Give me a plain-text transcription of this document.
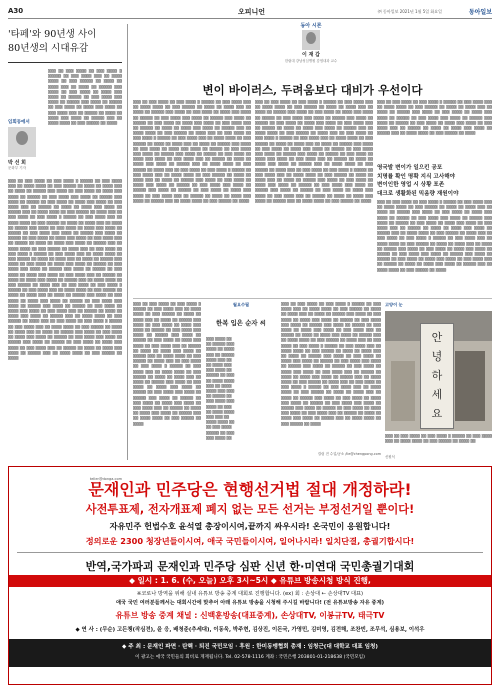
A30	오피니언	㈜ 동아일보 2021년 1월 5일 화요일	동아일보
'타페'와 90년생 사이
80년생의 시대유감
임회동에서
박 선 희
문화부 기자
▒▒▒ ▒▒ ▒▒▒ ▒▒▒▒ ▒▒ ▒▒▒ ▒▒▒▒ ▒ ▒▒▒▒▒ ▒▒ ▒▒▒ ▒▒▒▒ ▒▒▒ ▒▒ ▒▒▒▒ ▒▒▒▒ ▒▒ ▒▒▒ ▒▒▒▒▒ ▒▒ ▒▒▒▒ ▒▒ ▒▒▒▒ ▒▒▒ ▒▒ ▒▒▒▒ ▒▒ ▒▒▒▒▒ ▒▒▒ ▒▒▒▒ ▒▒ ▒▒▒ ▒▒▒▒ ▒▒ ▒▒▒▒ ▒▒▒ ▒▒▒▒ ▒▒ ▒▒▒▒▒ ▒▒ ▒▒▒ ▒▒▒▒ ▒▒▒ ▒▒▒▒ ▒▒ ▒▒▒▒▒ ▒▒▒ ▒▒▒▒ ▒▒ ▒▒▒▒▒ ▒▒ ▒▒▒ ▒▒▒▒ ▒▒ ▒▒▒▒ ▒▒▒ ▒▒▒▒ ▒▒ ▒▒▒ ▒▒▒▒ ▒▒▒ ▒▒ ▒▒▒▒▒ ▒▒ ▒▒▒▒ ▒▒ ▒▒▒▒ ▒▒▒ ▒▒▒▒ ▒▒ ▒▒▒▒▒ ▒▒▒ ▒▒ ▒▒▒▒ ▒▒▒▒ ▒▒ ▒▒▒ ▒▒▒▒▒ ▒▒ ▒▒▒▒
▒▒▒ ▒▒ ▒▒▒ ▒▒▒▒ ▒▒ ▒▒▒ ▒▒▒▒ ▒ ▒▒▒▒▒ ▒▒ ▒▒▒ ▒▒▒▒ ▒▒▒ ▒▒ ▒▒▒▒ ▒▒▒▒ ▒▒ ▒▒▒ ▒▒▒▒▒ ▒▒ ▒▒▒▒ ▒▒ ▒▒▒▒ ▒▒▒ ▒▒ ▒▒▒▒ ▒▒ ▒▒▒▒▒ ▒▒▒ ▒▒▒▒ ▒▒ ▒▒▒ ▒▒▒▒ ▒▒ ▒▒▒▒ ▒▒▒ ▒▒▒▒ ▒▒ ▒▒▒▒▒ ▒▒ ▒▒▒ ▒▒▒▒ ▒▒▒ ▒▒▒▒ ▒▒ ▒▒▒▒▒ ▒▒▒ ▒▒▒▒ ▒▒ ▒▒▒▒▒ ▒▒ ▒▒▒ ▒▒▒▒ ▒▒ ▒▒▒▒ ▒▒▒ ▒▒▒▒ ▒▒ ▒▒▒ ▒▒▒▒ ▒▒▒ ▒▒ ▒▒▒▒▒ ▒▒ ▒▒▒▒ ▒▒ ▒▒▒▒ ▒▒▒ ▒▒▒▒ ▒▒ ▒▒▒▒▒ ▒▒▒ ▒▒ ▒▒▒▒ ▒▒▒▒ ▒▒ ▒▒▒ ▒▒▒▒▒ ▒▒ ▒▒▒▒ ▒▒▒ ▒▒ ▒▒▒ ▒▒▒▒ ▒▒ ▒▒▒ ▒▒▒▒ ▒ ▒▒▒▒▒ ▒▒ ▒▒▒ ▒▒▒▒ ▒▒▒ ▒▒ ▒▒▒▒ ▒▒▒▒ ▒▒ ▒▒▒ ▒▒▒▒▒ ▒▒ ▒▒▒▒ ▒▒ ▒▒▒▒ ▒▒▒ ▒▒ ▒▒▒▒ ▒▒ ▒▒▒▒▒ ▒▒▒ ▒▒▒▒ ▒▒ ▒▒▒ ▒▒▒▒ ▒▒ ▒▒▒▒ ▒▒▒ ▒▒▒▒ ▒▒ ▒▒▒▒▒ ▒▒ ▒▒▒ ▒▒▒▒ ▒▒▒ ▒▒▒▒ ▒▒ ▒▒▒▒▒ ▒▒▒ ▒▒▒▒ ▒▒ ▒▒▒▒▒ ▒▒ ▒▒▒ ▒▒▒▒ ▒▒ ▒▒▒▒ ▒▒▒ ▒▒▒▒ ▒▒ ▒▒▒ ▒▒▒▒ ▒▒▒ ▒▒ ▒▒▒▒▒ ▒▒ ▒▒▒▒ ▒▒ ▒▒▒▒ ▒▒▒ ▒▒▒▒ ▒▒ ▒▒▒▒▒ ▒▒▒ ▒▒ ▒▒▒▒ ▒▒▒▒ ▒▒ ▒▒▒ ▒▒▒▒▒ ▒▒ ▒▒▒▒ ▒▒▒ ▒▒ ▒▒▒ ▒▒▒▒ ▒▒ ▒▒▒ ▒▒▒▒ ▒ ▒▒▒▒▒ ▒▒ ▒▒▒ ▒▒▒▒ ▒▒▒ ▒▒ ▒▒▒▒ ▒▒▒▒ ▒▒ ▒▒▒ ▒▒▒▒▒ ▒▒ ▒▒▒▒ ▒▒ ▒▒▒▒ ▒▒▒ ▒▒ ▒▒▒▒ ▒▒ ▒▒▒▒▒ ▒▒▒ ▒▒▒▒ ▒▒ ▒▒▒ ▒▒▒▒ ▒▒ ▒▒▒▒ ▒▒▒ ▒▒▒▒ ▒▒ ▒▒▒▒▒ ▒▒ ▒▒▒ ▒▒▒▒ ▒▒▒ ▒▒▒▒ ▒▒ ▒▒▒▒▒ ▒▒▒ ▒▒▒▒ ▒▒ ▒▒▒▒▒ ▒▒ ▒▒▒ ▒▒▒▒ ▒▒ ▒▒▒▒ ▒▒▒ ▒▒▒▒ ▒▒ ▒▒▒ ▒▒▒▒ ▒▒▒ ▒▒ ▒▒▒▒▒ ▒▒ ▒▒▒▒ ▒▒ ▒▒▒▒ ▒▒▒ ▒▒▒▒ ▒▒ ▒▒▒▒▒ ▒▒▒ ▒▒ ▒▒▒▒ ▒▒▒▒ ▒▒ ▒▒▒ ▒▒▒▒▒ ▒▒ ▒▒▒▒ ▒▒▒ ▒▒ ▒▒▒ ▒▒▒▒ ▒▒ ▒▒▒ ▒▒▒▒ ▒ ▒▒▒▒▒ ▒▒ ▒▒▒ ▒▒▒▒ ▒▒▒ ▒▒ ▒▒▒▒ ▒▒▒▒ ▒▒ ▒▒▒ ▒▒▒▒▒ ▒▒ ▒▒▒▒ ▒▒ ▒▒▒▒ ▒▒▒ ▒▒ ▒▒▒▒ ▒▒ ▒▒▒▒▒ ▒▒▒ ▒▒▒▒ ▒▒ ▒▒▒ ▒▒▒▒ ▒▒ ▒▒▒▒ ▒▒▒ ▒▒▒▒ ▒▒ ▒▒▒▒▒ ▒▒ ▒▒▒ ▒▒▒▒ ▒▒▒ ▒▒▒▒ ▒▒ ▒▒▒▒▒ ▒▒▒ ▒▒▒▒ ▒▒ ▒▒▒▒▒ ▒▒ ▒▒▒ ▒▒▒▒ ▒▒ ▒▒▒▒ ▒▒▒ ▒▒▒▒ ▒▒ ▒▒▒ ▒▒▒▒ ▒▒▒ ▒▒ ▒▒▒▒▒ ▒▒ ▒▒▒▒ ▒▒ ▒▒▒▒ ▒▒▒ ▒▒▒▒ ▒▒ ▒▒▒▒▒ ▒▒▒ ▒▒ ▒▒▒▒ ▒▒▒▒ ▒▒ ▒▒▒ ▒▒▒▒▒ ▒▒ ▒▒▒▒ ▒▒▒ ▒▒ ▒▒▒ ▒▒▒▒ ▒▒ ▒▒▒ ▒▒▒▒ ▒ ▒▒▒▒▒ ▒▒ ▒▒▒ ▒▒▒▒ ▒▒▒ ▒▒ ▒▒▒▒ ▒▒▒▒ ▒▒ ▒▒▒ ▒▒▒▒▒ ▒▒ ▒▒▒▒ ▒▒ ▒▒▒▒ ▒▒▒ ▒▒ ▒▒▒▒ ▒▒ ▒▒▒▒▒ ▒▒▒ ▒▒▒▒ ▒▒ ▒▒▒ ▒▒▒▒ ▒▒ ▒▒▒▒ ▒▒▒ ▒▒▒▒ ▒▒ ▒▒▒▒▒ ▒▒ ▒▒▒ ▒▒▒▒ ▒▒▒ ▒▒▒▒ ▒▒ ▒▒▒▒▒ ▒▒▒ ▒▒▒▒ ▒▒ ▒▒▒▒▒ ▒▒ ▒▒▒ ▒▒▒▒ ▒▒ ▒▒▒▒ ▒▒▒ ▒▒▒▒ ▒▒ ▒▒▒ ▒▒▒▒ ▒▒▒ ▒▒ ▒▒▒▒▒ ▒▒ ▒▒▒▒ ▒▒ ▒▒▒▒ ▒▒▒ ▒▒▒▒ ▒▒ ▒▒▒▒▒ ▒▒▒ ▒▒ ▒▒▒▒ ▒▒▒▒ ▒▒ ▒▒▒ ▒▒▒▒▒ ▒▒ ▒▒▒▒
teller@donga.com
동아 시론
이 재 갑
한림대 강남성심병원 감염내과 교수
변이 바이러스, 두려움보다 대비가 우선이다
▒▒▒ ▒▒ ▒▒▒ ▒▒▒▒ ▒▒ ▒▒▒ ▒▒▒▒ ▒ ▒▒▒▒▒ ▒▒ ▒▒▒ ▒▒▒▒ ▒▒▒ ▒▒ ▒▒▒▒ ▒▒▒▒ ▒▒ ▒▒▒ ▒▒▒▒▒ ▒▒ ▒▒▒▒ ▒▒ ▒▒▒▒ ▒▒▒ ▒▒ ▒▒▒▒ ▒▒ ▒▒▒▒▒ ▒▒▒ ▒▒▒▒ ▒▒ ▒▒▒ ▒▒▒▒ ▒▒ ▒▒▒▒ ▒▒▒ ▒▒▒▒ ▒▒ ▒▒▒▒▒ ▒▒ ▒▒▒ ▒▒▒▒ ▒▒▒ ▒▒▒▒ ▒▒ ▒▒▒▒▒ ▒▒▒ ▒▒▒▒ ▒▒ ▒▒▒▒▒ ▒▒ ▒▒▒ ▒▒▒▒ ▒▒ ▒▒▒▒ ▒▒▒ ▒▒▒▒ ▒▒ ▒▒▒ ▒▒▒▒ ▒▒▒ ▒▒ ▒▒▒▒▒ ▒▒ ▒▒▒▒ ▒▒ ▒▒▒▒ ▒▒▒ ▒▒▒▒ ▒▒ ▒▒▒▒▒ ▒▒▒ ▒▒ ▒▒▒▒ ▒▒▒▒ ▒▒ ▒▒▒ ▒▒▒▒▒ ▒▒ ▒▒▒▒ ▒▒▒ ▒▒ ▒▒▒ ▒▒▒▒ ▒▒ ▒▒▒ ▒▒▒▒ ▒ ▒▒▒▒▒ ▒▒ ▒▒▒ ▒▒▒▒ ▒▒▒ ▒▒ ▒▒▒▒ ▒▒▒▒ ▒▒ ▒▒▒ ▒▒▒▒▒ ▒▒ ▒▒▒▒ ▒▒ ▒▒▒▒ ▒▒▒ ▒▒ ▒▒▒▒ ▒▒ ▒▒▒▒▒ ▒▒▒ ▒▒▒▒ ▒▒ ▒▒▒ ▒▒▒▒ ▒▒ ▒▒▒▒ ▒▒▒ ▒▒▒▒ ▒▒ ▒▒▒▒▒ ▒▒ ▒▒▒ ▒▒▒▒ ▒▒▒ ▒▒▒▒ ▒▒ ▒▒▒▒▒ ▒▒▒ ▒▒▒▒ ▒▒ ▒▒▒▒▒ ▒▒ ▒▒▒ ▒▒▒▒ ▒▒ ▒▒▒▒ ▒▒▒ ▒▒▒▒ ▒▒ ▒▒▒ ▒▒▒▒ ▒▒▒ ▒▒ ▒▒▒▒▒ ▒▒ ▒▒▒▒ ▒▒ ▒▒▒▒ ▒▒▒ ▒▒▒▒ ▒▒ ▒▒▒▒▒ ▒▒▒ ▒▒ ▒▒▒▒ ▒▒▒▒ ▒▒ ▒▒▒ ▒▒▒▒▒ ▒▒ ▒▒▒▒ ▒▒▒ ▒▒ ▒▒▒ ▒▒▒▒ ▒▒ ▒▒▒ ▒▒▒▒ ▒ ▒▒▒▒▒ ▒▒ ▒▒▒ ▒▒▒▒ ▒▒▒ ▒▒ ▒▒▒▒ ▒▒▒▒ ▒▒ ▒▒▒ ▒▒▒▒▒ ▒▒ ▒▒▒▒ ▒▒ ▒▒▒▒ ▒▒▒ ▒▒ ▒▒▒▒ ▒▒ ▒▒▒▒▒ ▒▒▒ ▒▒▒▒ ▒▒ ▒▒▒ ▒▒▒▒ ▒▒ ▒▒▒▒ ▒▒▒ ▒▒▒▒ ▒▒ ▒▒▒▒▒ ▒▒ ▒▒▒ ▒▒▒▒ ▒▒▒ ▒▒▒▒ ▒▒ ▒▒▒▒▒ ▒▒▒ ▒▒▒▒ ▒▒ ▒▒▒▒▒ ▒▒ ▒▒▒ ▒▒▒▒ ▒▒ ▒▒▒▒ ▒▒▒ ▒▒▒▒ ▒▒ ▒▒▒ ▒▒▒▒ ▒▒▒ ▒▒ ▒▒▒▒▒ ▒▒ ▒▒▒▒ ▒▒ ▒▒▒▒ ▒▒▒ ▒▒▒▒ ▒▒ ▒▒▒▒▒ ▒▒▒ ▒▒ ▒▒▒▒ ▒▒▒▒ ▒▒ ▒▒▒ ▒▒▒▒▒ ▒▒ ▒▒▒▒
▒▒▒ ▒▒ ▒▒▒ ▒▒▒▒ ▒▒ ▒▒▒ ▒▒▒▒ ▒ ▒▒▒▒▒ ▒▒ ▒▒▒ ▒▒▒▒ ▒▒▒ ▒▒ ▒▒▒▒ ▒▒▒▒ ▒▒ ▒▒▒ ▒▒▒▒▒ ▒▒ ▒▒▒▒ ▒▒ ▒▒▒▒ ▒▒▒ ▒▒ ▒▒▒▒ ▒▒ ▒▒▒▒▒ ▒▒▒ ▒▒▒▒ ▒▒ ▒▒▒ ▒▒▒▒ ▒▒ ▒▒▒▒ ▒▒▒ ▒▒▒▒ ▒▒ ▒▒▒▒▒ ▒▒ ▒▒▒ ▒▒▒▒ ▒▒▒ ▒▒▒▒ ▒▒ ▒▒▒▒▒ ▒▒▒ ▒▒▒▒ ▒▒ ▒▒▒▒▒ ▒▒ ▒▒▒ ▒▒▒▒ ▒▒ ▒▒▒▒ ▒▒▒ ▒▒▒▒ ▒▒ ▒▒▒ ▒▒▒▒ ▒▒▒ ▒▒ ▒▒▒▒▒ ▒▒ ▒▒▒▒ ▒▒ ▒▒▒▒ ▒▒▒ ▒▒▒▒ ▒▒ ▒▒▒▒▒ ▒▒▒ ▒▒ ▒▒▒▒ ▒▒▒▒ ▒▒ ▒▒▒ ▒▒▒▒▒ ▒▒ ▒▒▒▒ ▒▒▒ ▒▒ ▒▒▒ ▒▒▒▒ ▒▒ ▒▒▒ ▒▒▒▒ ▒ ▒▒▒▒▒ ▒▒ ▒▒▒ ▒▒▒▒ ▒▒▒ ▒▒ ▒▒▒▒ ▒▒▒▒ ▒▒ ▒▒▒ ▒▒▒▒▒ ▒▒ ▒▒▒▒ ▒▒ ▒▒▒▒ ▒▒▒ ▒▒ ▒▒▒▒ ▒▒ ▒▒▒▒▒ ▒▒▒ ▒▒▒▒ ▒▒ ▒▒▒ ▒▒▒▒ ▒▒ ▒▒▒▒ ▒▒▒ ▒▒▒▒ ▒▒ ▒▒▒▒▒ ▒▒ ▒▒▒ ▒▒▒▒ ▒▒▒ ▒▒▒▒ ▒▒ ▒▒▒▒▒ ▒▒▒ ▒▒▒▒ ▒▒ ▒▒▒▒▒ ▒▒ ▒▒▒ ▒▒▒▒ ▒▒ ▒▒▒▒ ▒▒▒ ▒▒▒▒ ▒▒ ▒▒▒ ▒▒▒▒ ▒▒▒ ▒▒ ▒▒▒▒▒ ▒▒ ▒▒▒▒ ▒▒ ▒▒▒▒ ▒▒▒ ▒▒▒▒ ▒▒ ▒▒▒▒▒ ▒▒▒ ▒▒ ▒▒▒▒ ▒▒▒▒ ▒▒ ▒▒▒ ▒▒▒▒▒ ▒▒ ▒▒▒▒ ▒▒▒ ▒▒ ▒▒▒ ▒▒▒▒ ▒▒ ▒▒▒ ▒▒▒▒ ▒ ▒▒▒▒▒ ▒▒ ▒▒▒ ▒▒▒▒ ▒▒▒ ▒▒ ▒▒▒▒ ▒▒▒▒ ▒▒ ▒▒▒ ▒▒▒▒▒ ▒▒ ▒▒▒▒ ▒▒ ▒▒▒▒ ▒▒▒ ▒▒ ▒▒▒▒ ▒▒ ▒▒▒▒▒ ▒▒▒ ▒▒▒▒ ▒▒ ▒▒▒ ▒▒▒▒ ▒▒ ▒▒▒▒ ▒▒▒ ▒▒▒▒ ▒▒ ▒▒▒▒▒ ▒▒ ▒▒▒ ▒▒▒▒ ▒▒▒ ▒▒▒▒ ▒▒ ▒▒▒▒▒ ▒▒▒ ▒▒▒▒ ▒▒ ▒▒▒▒▒ ▒▒ ▒▒▒ ▒▒▒▒ ▒▒ ▒▒▒▒ ▒▒▒ ▒▒▒▒ ▒▒ ▒▒▒ ▒▒▒▒ ▒▒▒ ▒▒ ▒▒▒▒▒ ▒▒ ▒▒▒▒ ▒▒ ▒▒▒▒ ▒▒▒ ▒▒▒▒ ▒▒ ▒▒▒▒▒ ▒▒▒ ▒▒ ▒▒▒▒ ▒▒▒▒ ▒▒ ▒▒▒ ▒▒▒▒▒ ▒▒ ▒▒▒▒
▒▒▒ ▒▒ ▒▒▒ ▒▒▒▒ ▒▒ ▒▒▒ ▒▒▒▒ ▒ ▒▒▒▒▒ ▒▒ ▒▒▒ ▒▒▒▒ ▒▒▒ ▒▒ ▒▒▒▒ ▒▒▒▒ ▒▒ ▒▒▒ ▒▒▒▒▒ ▒▒ ▒▒▒▒ ▒▒ ▒▒▒▒ ▒▒▒ ▒▒ ▒▒▒▒ ▒▒ ▒▒▒▒▒ ▒▒▒ ▒▒▒▒ ▒▒ ▒▒▒ ▒▒▒▒ ▒▒ ▒▒▒▒ ▒▒▒ ▒▒▒▒ ▒▒ ▒▒▒▒▒ ▒▒ ▒▒▒ ▒▒▒▒ ▒▒▒ ▒▒▒▒ ▒▒ ▒▒▒▒▒ ▒▒▒ ▒▒▒▒ ▒▒ ▒▒▒▒▒ ▒▒ ▒▒▒ ▒▒▒▒ ▒▒ ▒▒▒▒ ▒▒▒ ▒▒▒▒ ▒▒ ▒▒▒ ▒▒▒▒ ▒▒▒ ▒▒ ▒▒▒▒▒ ▒▒ ▒▒▒▒ ▒▒ ▒▒▒▒ ▒▒▒ ▒▒▒▒ ▒▒ ▒▒▒▒▒ ▒▒▒ ▒▒ ▒▒▒▒ ▒▒▒▒ ▒▒ ▒▒▒ ▒▒▒▒▒ ▒▒ ▒▒▒▒
영국발 변이가 일으킨 공포
치명률 확인 명확 지식 고사해야
변이인한 영업 시 상황 포존
대크로 생활화된 믹옴량 재원이야
▒▒▒ ▒▒ ▒▒▒ ▒▒▒▒ ▒▒ ▒▒▒ ▒▒▒▒ ▒ ▒▒▒▒▒ ▒▒ ▒▒▒ ▒▒▒▒ ▒▒▒ ▒▒ ▒▒▒▒ ▒▒▒▒ ▒▒ ▒▒▒ ▒▒▒▒▒ ▒▒ ▒▒▒▒ ▒▒ ▒▒▒▒ ▒▒▒ ▒▒ ▒▒▒▒ ▒▒ ▒▒▒▒▒ ▒▒▒ ▒▒▒▒ ▒▒ ▒▒▒ ▒▒▒▒ ▒▒ ▒▒▒▒ ▒▒▒ ▒▒▒▒ ▒▒ ▒▒▒▒▒ ▒▒ ▒▒▒ ▒▒▒▒ ▒▒▒ ▒▒▒▒ ▒▒ ▒▒▒▒▒ ▒▒▒ ▒▒▒▒ ▒▒ ▒▒▒▒▒ ▒▒ ▒▒▒ ▒▒▒▒ ▒▒ ▒▒▒▒ ▒▒▒ ▒▒▒▒ ▒▒ ▒▒▒ ▒▒▒▒ ▒▒▒ ▒▒ ▒▒▒▒▒ ▒▒ ▒▒▒▒ ▒▒ ▒▒▒▒ ▒▒▒ ▒▒▒▒ ▒▒ ▒▒▒▒▒ ▒▒▒ ▒▒ ▒▒▒▒ ▒▒▒▒ ▒▒ ▒▒▒ ▒▒▒▒▒ ▒▒ ▒▒▒▒ ▒▒▒ ▒▒ ▒▒▒ ▒▒▒▒ ▒▒ ▒▒▒ ▒▒▒▒ ▒ ▒▒▒▒▒ ▒▒ ▒▒▒ ▒▒▒▒ ▒▒▒ ▒▒ ▒▒▒▒ ▒▒▒▒ ▒▒ ▒▒▒ ▒▒▒▒▒ ▒▒ ▒▒▒▒ ▒▒ ▒▒▒▒ ▒▒▒ ▒▒ ▒▒▒▒ ▒▒ ▒▒▒▒▒ ▒▒▒ ▒▒▒▒ ▒▒ ▒▒▒ ▒▒▒▒ ▒▒ ▒▒▒▒ ▒▒▒ ▒▒▒▒ ▒▒ ▒▒▒▒▒ ▒▒ ▒▒▒ ▒▒▒▒ ▒▒▒ ▒▒▒▒ ▒▒ ▒▒▒▒▒ ▒▒▒ ▒▒▒▒ ▒▒ ▒▒▒▒▒ ▒▒ ▒▒▒ ▒▒▒▒ ▒▒ ▒▒▒▒ ▒▒▒ ▒▒▒▒ ▒▒ ▒▒▒ ▒▒▒▒ ▒▒▒ ▒▒ ▒▒▒▒▒ ▒▒ ▒▒▒▒ ▒▒ ▒▒▒▒ ▒▒▒ ▒▒▒▒ ▒▒ ▒▒▒▒▒ ▒▒▒ ▒▒ ▒▒▒▒ ▒▒▒▒ ▒▒ ▒▒▒ ▒▒▒▒▒ ▒▒ ▒▒▒▒
▒▒▒ ▒▒ ▒▒▒ ▒▒▒▒ ▒▒ ▒▒▒ ▒▒▒▒ ▒ ▒▒▒▒▒ ▒▒ ▒▒▒ ▒▒▒▒ ▒▒▒ ▒▒ ▒▒▒▒ ▒▒▒▒ ▒▒ ▒▒▒ ▒▒▒▒▒ ▒▒ ▒▒▒▒ ▒▒ ▒▒▒▒ ▒▒▒ ▒▒ ▒▒▒▒ ▒▒ ▒▒▒▒▒ ▒▒▒ ▒▒▒▒ ▒▒ ▒▒▒ ▒▒▒▒ ▒▒ ▒▒▒▒ ▒▒▒ ▒▒▒▒ ▒▒ ▒▒▒▒▒ ▒▒ ▒▒▒ ▒▒▒▒ ▒▒▒ ▒▒▒▒ ▒▒ ▒▒▒▒▒ ▒▒▒ ▒▒▒▒ ▒▒ ▒▒▒▒▒ ▒▒ ▒▒▒ ▒▒▒▒ ▒▒ ▒▒▒▒ ▒▒▒ ▒▒▒▒ ▒▒ ▒▒▒ ▒▒▒▒ ▒▒▒ ▒▒ ▒▒▒▒▒ ▒▒ ▒▒▒▒ ▒▒ ▒▒▒▒ ▒▒▒ ▒▒▒▒ ▒▒ ▒▒▒▒▒ ▒▒▒ ▒▒ ▒▒▒▒ ▒▒▒▒ ▒▒ ▒▒▒ ▒▒▒▒▒ ▒▒ ▒▒▒▒ ▒▒▒ ▒▒ ▒▒▒ ▒▒▒▒ ▒▒ ▒▒▒ ▒▒▒▒ ▒ ▒▒▒▒▒ ▒▒ ▒▒▒ ▒▒▒▒ ▒▒▒ ▒▒ ▒▒▒▒ ▒▒▒▒ ▒▒ ▒▒▒ ▒▒▒▒▒ ▒▒ ▒▒▒▒ ▒▒ ▒▒▒▒ ▒▒▒ ▒▒ ▒▒▒▒ ▒▒ ▒▒▒▒▒ ▒▒▒ ▒▒▒▒ ▒▒ ▒▒▒ ▒▒▒▒ ▒▒ ▒▒▒▒ ▒▒▒ ▒▒▒▒ ▒▒ ▒▒▒▒▒ ▒▒ ▒▒▒ ▒▒▒▒ ▒▒▒ ▒▒▒▒ ▒▒ ▒▒▒▒▒ ▒▒▒ ▒▒▒▒ ▒▒ ▒▒▒▒▒ ▒▒ ▒▒▒ ▒▒▒▒ ▒▒ ▒▒▒▒ ▒▒▒ ▒▒▒▒ ▒▒ ▒▒▒ ▒▒▒▒ ▒▒▒ ▒▒ ▒▒▒▒▒ ▒▒ ▒▒▒▒ ▒▒ ▒▒▒▒ ▒▒▒ ▒▒▒▒ ▒▒ ▒▒▒▒▒ ▒▒▒ ▒▒ ▒▒▒▒ ▒▒▒▒ ▒▒ ▒▒▒ ▒▒▒▒▒ ▒▒ ▒▒▒▒
월요수필
한복 입은 순자 씨
▒▒▒ ▒▒▒▒ ▒▒
▒▒ ▒▒▒▒▒ ▒▒▒
▒▒▒▒ ▒▒ ▒▒▒▒
▒▒▒ ▒▒ ▒▒▒▒▒
▒▒▒▒ ▒▒▒ ▒▒
▒▒ ▒▒▒▒ ▒▒▒
▒▒▒ ▒▒▒▒ ▒▒
▒▒▒▒▒ ▒▒ ▒▒▒
▒▒ ▒▒▒▒ ▒▒▒▒
▒▒▒ ▒▒ ▒▒▒▒
▒▒▒▒ ▒▒▒ ▒▒▒
▒▒ ▒▒▒▒▒ ▒▒
▒▒▒ ▒▒▒▒ ▒▒▒
▒▒▒▒ ▒▒ ▒▒▒
▒▒ ▒▒▒▒ ▒▒▒▒
▒▒▒ ▒▒▒ ▒▒
▒▒▒▒ ▒▒▒▒ ▒▒
▒▒ ▒▒▒ ▒▒▒▒
▒▒▒▒▒ ▒▒ ▒▒▒
▒▒▒ ▒▒▒▒ ▒▒
▒▒▒ ▒▒ ▒▒▒ ▒▒▒▒ ▒▒ ▒▒▒ ▒▒▒▒ ▒ ▒▒▒▒▒ ▒▒ ▒▒▒ ▒▒▒▒ ▒▒▒ ▒▒ ▒▒▒▒ ▒▒▒▒ ▒▒ ▒▒▒ ▒▒▒▒▒ ▒▒ ▒▒▒▒ ▒▒ ▒▒▒▒ ▒▒▒ ▒▒ ▒▒▒▒ ▒▒ ▒▒▒▒▒ ▒▒▒ ▒▒▒▒ ▒▒ ▒▒▒ ▒▒▒▒ ▒▒ ▒▒▒▒ ▒▒▒ ▒▒▒▒ ▒▒ ▒▒▒▒▒ ▒▒ ▒▒▒ ▒▒▒▒ ▒▒▒ ▒▒▒▒ ▒▒ ▒▒▒▒▒ ▒▒▒ ▒▒▒▒ ▒▒ ▒▒▒▒▒ ▒▒ ▒▒▒ ▒▒▒▒ ▒▒ ▒▒▒▒ ▒▒▒ ▒▒▒▒ ▒▒ ▒▒▒ ▒▒▒▒ ▒▒▒ ▒▒ ▒▒▒▒▒ ▒▒ ▒▒▒▒ ▒▒ ▒▒▒▒ ▒▒▒ ▒▒▒▒ ▒▒ ▒▒▒▒▒ ▒▒▒ ▒▒ ▒▒▒▒ ▒▒▒▒ ▒▒ ▒▒▒ ▒▒▒▒▒ ▒▒ ▒▒▒▒ ▒▒▒ ▒▒ ▒▒▒ ▒▒▒▒ ▒▒ ▒▒▒ ▒▒▒▒ ▒ ▒▒▒▒▒ ▒▒ ▒▒▒ ▒▒▒▒ ▒▒▒ ▒▒ ▒▒▒▒ ▒▒▒▒ ▒▒ ▒▒▒ ▒▒▒▒▒ ▒▒ ▒▒▒▒ ▒▒ ▒▒▒▒ ▒▒▒ ▒▒ ▒▒▒▒ ▒▒ ▒▒▒▒▒ ▒▒▒ ▒▒▒▒ ▒▒ ▒▒▒ ▒▒▒▒ ▒▒ ▒▒▒▒ ▒▒▒ ▒▒▒▒ ▒▒ ▒▒▒▒▒ ▒▒ ▒▒▒ ▒▒▒▒ ▒▒▒ ▒▒▒▒ ▒▒ ▒▒▒▒▒ ▒▒▒ ▒▒▒▒ ▒▒ ▒▒▒▒▒ ▒▒ ▒▒▒ ▒▒▒▒ ▒▒ ▒▒▒▒ ▒▒▒ ▒▒▒▒ ▒▒ ▒▒▒ ▒▒▒▒ ▒▒▒ ▒▒ ▒▒▒▒▒ ▒▒ ▒▒▒▒ ▒▒ ▒▒▒▒ ▒▒▒ ▒▒▒▒ ▒▒ ▒▒▒▒▒ ▒▒▒ ▒▒ ▒▒▒▒ ▒▒▒▒ ▒▒ ▒▒▒ ▒▒▒▒▒ ▒▒ ▒▒▒▒ ▒▒▒ ▒▒ ▒▒▒ ▒▒▒▒ ▒▒ ▒▒▒ ▒▒▒▒ ▒ ▒▒▒▒▒ ▒▒ ▒▒▒ ▒▒▒▒ ▒▒▒ ▒▒ ▒▒▒▒ ▒▒▒▒ ▒▒ ▒▒▒ ▒▒▒▒▒ ▒▒ ▒▒▒▒ ▒▒ ▒▒▒▒ ▒▒▒ ▒▒ ▒▒▒▒ ▒▒ ▒▒▒▒▒ ▒▒▒ ▒▒▒▒ ▒▒ ▒▒▒ ▒▒▒▒ ▒▒ ▒▒▒▒ ▒▒▒ ▒▒▒▒ ▒▒ ▒▒▒▒▒ ▒▒ ▒▒▒ ▒▒▒▒ ▒▒▒ ▒▒▒▒ ▒▒ ▒▒▒▒▒ ▒▒▒ ▒▒▒▒ ▒▒ ▒▒▒▒▒ ▒▒ ▒▒▒ ▒▒▒▒ ▒▒ ▒▒▒▒ ▒▒▒ ▒▒▒▒ ▒▒ ▒▒▒ ▒▒▒▒ ▒▒▒ ▒▒ ▒▒▒▒▒ ▒▒ ▒▒▒▒ ▒▒ ▒▒▒▒ ▒▒▒ ▒▒▒▒ ▒▒ ▒▒▒▒▒ ▒▒▒ ▒▒ ▒▒▒▒ ▒▒▒▒ ▒▒ ▒▒▒ ▒▒▒▒▒ ▒▒ ▒▒▒▒
칼럼 전 수업/공소 /lle@chengpong.com
고양이 눈
안
녕
하
세
요
▒▒▒ ▒▒ ▒▒▒ ▒▒▒▒ ▒▒ ▒▒▒ ▒▒▒▒ ▒ ▒▒▒▒▒ ▒▒ ▒▒▒ ▒▒▒▒ ▒▒▒ ▒▒ ▒▒▒▒ ▒▒▒▒ ▒▒ ▒▒▒ ▒▒▒▒▒ ▒▒ ▒▒▒▒ ▒▒
신원석
문재인과 민주당은 현행선거법 절대 개정하라!
사전투표제, 전자개표제 폐지 없는 모든 선거는 부정선거일 뿐이다!
자유민주 헌법수호 윤석열 총장이시여,끝까지 싸우시라! 온국민이 응원합니다!
정의로운 2300 청장년들이시여, 애국 국민들이시여, 일어나시라! 일치단결, 총궐기합시다!
반역,국가파괴 문재인과 민주당 심판 신년 한·미연대 국민총궐기대회
◆ 일시 : 1. 6. (수, 오늘) 오후 3시~5시 ◆ 유튜브 방송시청 방식 진행,
※코로나 방역을 위해 실내 유튜브 방송 중계 대회로 진행합니다. (ex) 회 : 손상대 ← 손상대TV 대표)
애국 국민 여러분들께서는 대회시간에 맞추어 아래 유튜브 방송을 시청해 주시길 바랍니다! (전 유튜브방송 자유 중계)
유튜브 방송 중계 채널 : 신백훈방송(대표중계), 손상대TV, 이봉규TV, 태극TV
◆ 연 사 : (무순) 고든챙(작심전), 윤 응, 배청준(추세대), 이동욱, 박주현, 김상진, 이돈국, 가영민, 김미영, 김전해, 조찬빈, 조무석, 심용보, 이석우
◆ 주 최 : 문재인 파면 · 탄핵 · 퇴진 국민모임 · 후원 : 한미동맹협회 총재 : 임청근(대 대학교 대표 임청)
이 광고는 애국 국민들의 회비로 게재됩니다. Tel. 02-578-1116 계좌 : 국민은행 203801-01-218638 (국민모임)
